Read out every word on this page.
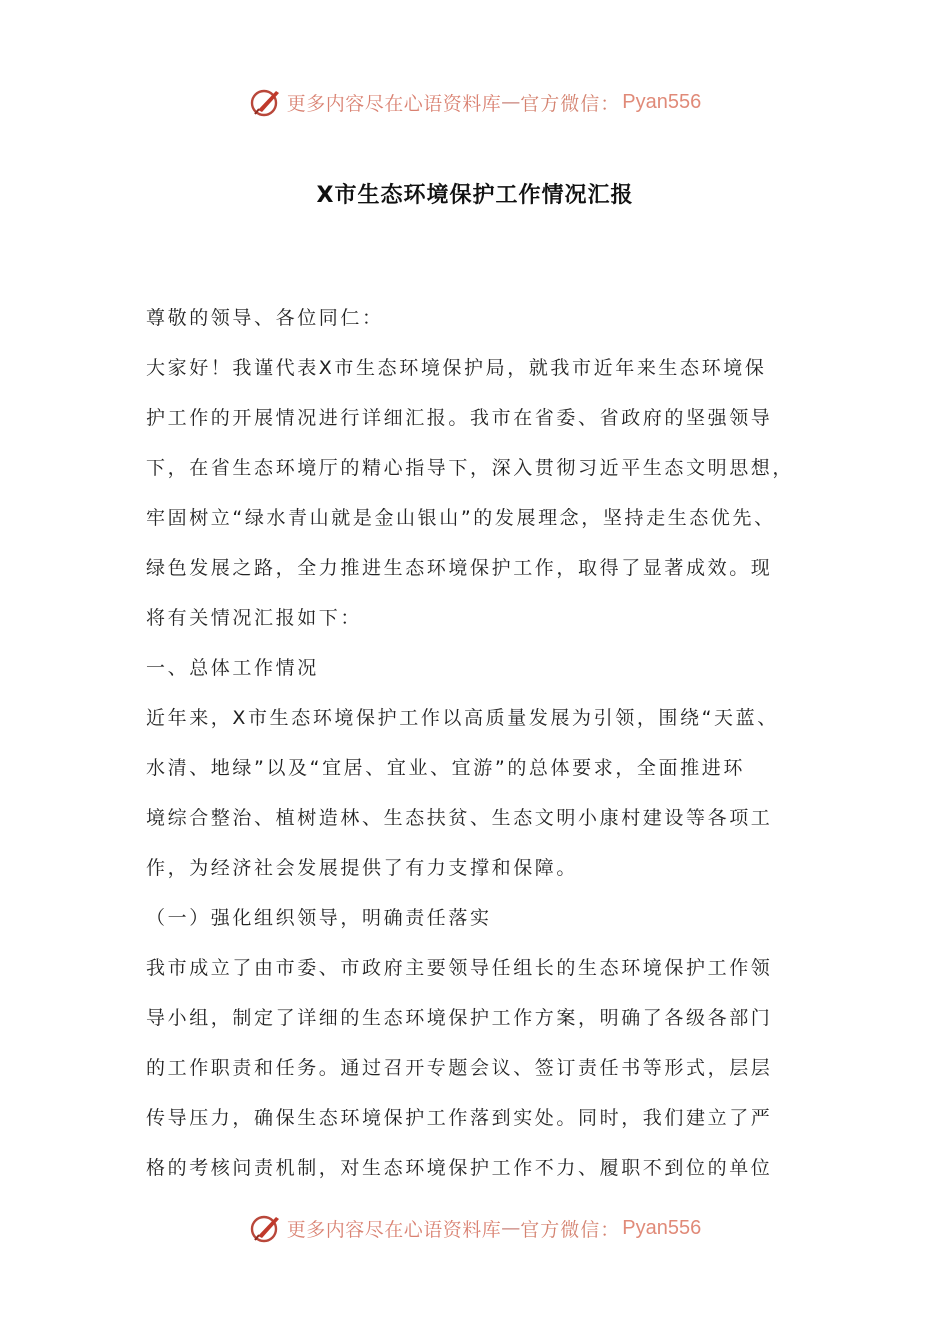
更多内容尽在心语资料库 — 官方微信： Pyan556
X市生态环境保护工作情况汇报
尊敬的领导、各位同仁：
大家好！我谨代表X市生态环境保护局，就我市近年来生态环境保
护工作的开展情况进行详细汇报。我市在省委、省政府的坚强领导
下，在省生态环境厅的精心指导下，深入贯彻习近平生态文明思想，
牢固树立“绿水青山就是金山银山”的发展理念，坚持走生态优先、
绿色发展之路，全力推进生态环境保护工作，取得了显著成效。现
将有关情况汇报如下：
一、总体工作情况
近年来，X市生态环境保护工作以高质量发展为引领，围绕“天蓝、
水清、地绿”以及“宜居、宜业、宜游”的总体要求，全面推进环
境综合整治、植树造林、生态扶贫、生态文明小康村建设等各项工
作，为经济社会发展提供了有力支撑和保障。
（一）强化组织领导，明确责任落实
我市成立了由市委、市政府主要领导任组长的生态环境保护工作领
导小组，制定了详细的生态环境保护工作方案，明确了各级各部门
的工作职责和任务。通过召开专题会议、签订责任书等形式，层层
传导压力，确保生态环境保护工作落到实处。同时，我们建立了严
格的考核问责机制，对生态环境保护工作不力、履职不到位的单位
更多内容尽在心语资料库 — 官方微信： Pyan556
